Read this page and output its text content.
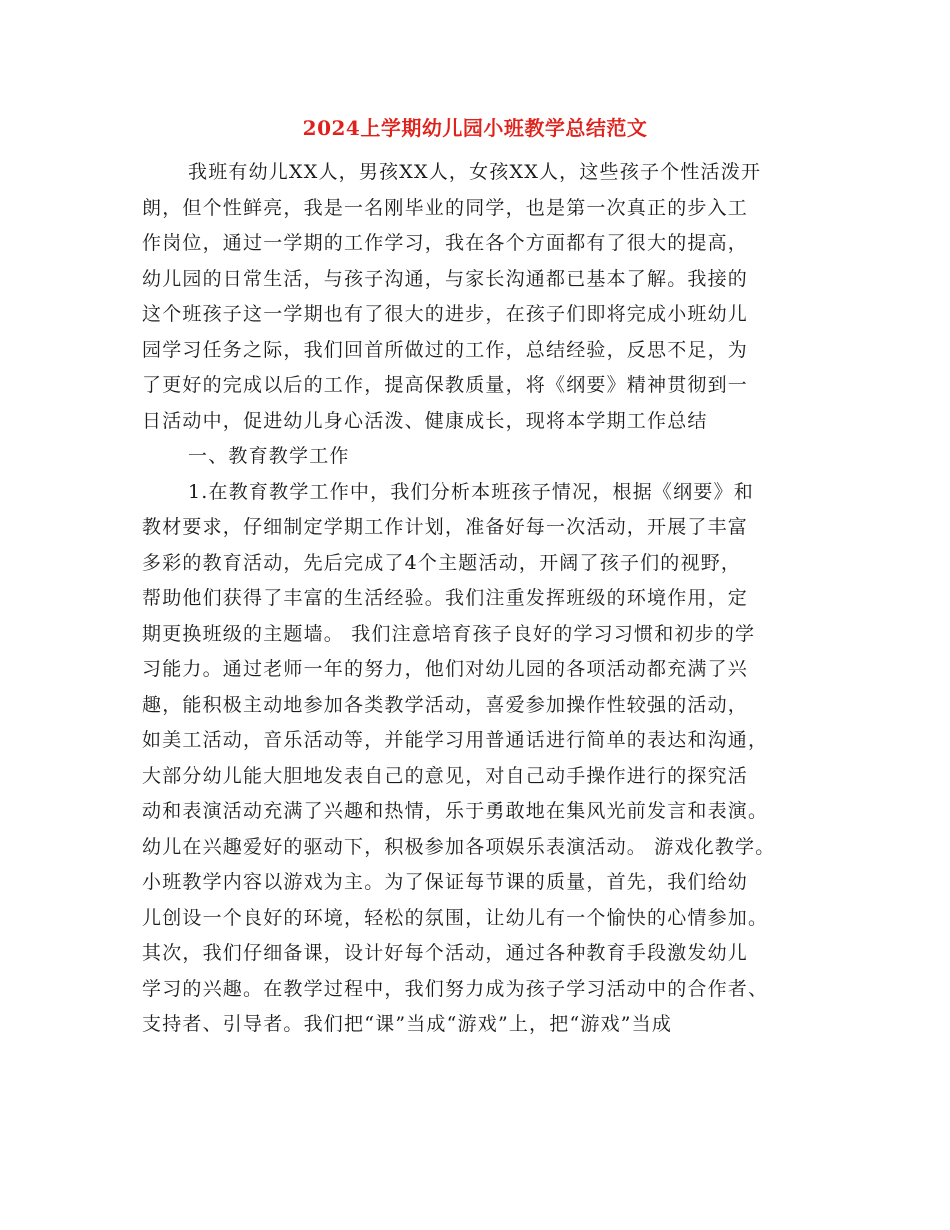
2024上学期幼儿园小班教学总结范文
我班有幼儿XX人，男孩XX人，女孩XX人，这些孩子个性活泼开
朗，但个性鲜亮，我是一名刚毕业的同学，也是第一次真正的步入工
作岗位，通过一学期的工作学习，我在各个方面都有了很大的提高，
幼儿园的日常生活，与孩子沟通，与家长沟通都已基本了解。我接的
这个班孩子这一学期也有了很大的进步，在孩子们即将完成小班幼儿
园学习任务之际，我们回首所做过的工作，总结经验，反思不足，为
了更好的完成以后的工作，提高保教质量，将《纲要》精神贯彻到一
日活动中，促进幼儿身心活泼、健康成长，现将本学期工作总结
一、教育教学工作
1.在教育教学工作中，我们分析本班孩子情况，根据《纲要》和
教材要求，仔细制定学期工作计划，准备好每一次活动，开展了丰富
多彩的教育活动，先后完成了4个主题活动，开阔了孩子们的视野，
帮助他们获得了丰富的生活经验。我们注重发挥班级的环境作用，定
期更换班级的主题墙。 我们注意培育孩子良好的学习习惯和初步的学
习能力。通过老师一年的努力，他们对幼儿园的各项活动都充满了兴
趣，能积极主动地参加各类教学活动，喜爱参加操作性较强的活动，
如美工活动，音乐活动等，并能学习用普通话进行简单的表达和沟通，
大部分幼儿能大胆地发表自己的意见，对自己动手操作进行的探究活
动和表演活动充满了兴趣和热情，乐于勇敢地在集风光前发言和表演。
幼儿在兴趣爱好的驱动下，积极参加各项娱乐表演活动。 游戏化教学。
小班教学内容以游戏为主。为了保证每节课的质量，首先，我们给幼
儿创设一个良好的环境，轻松的氛围，让幼儿有一个愉快的心情参加。
其次，我们仔细备课，设计好每个活动，通过各种教育手段激发幼儿
学习的兴趣。在教学过程中，我们努力成为孩子学习活动中的合作者、
支持者、引导者。我们把“课”当成“游戏”上，把“游戏”当成
